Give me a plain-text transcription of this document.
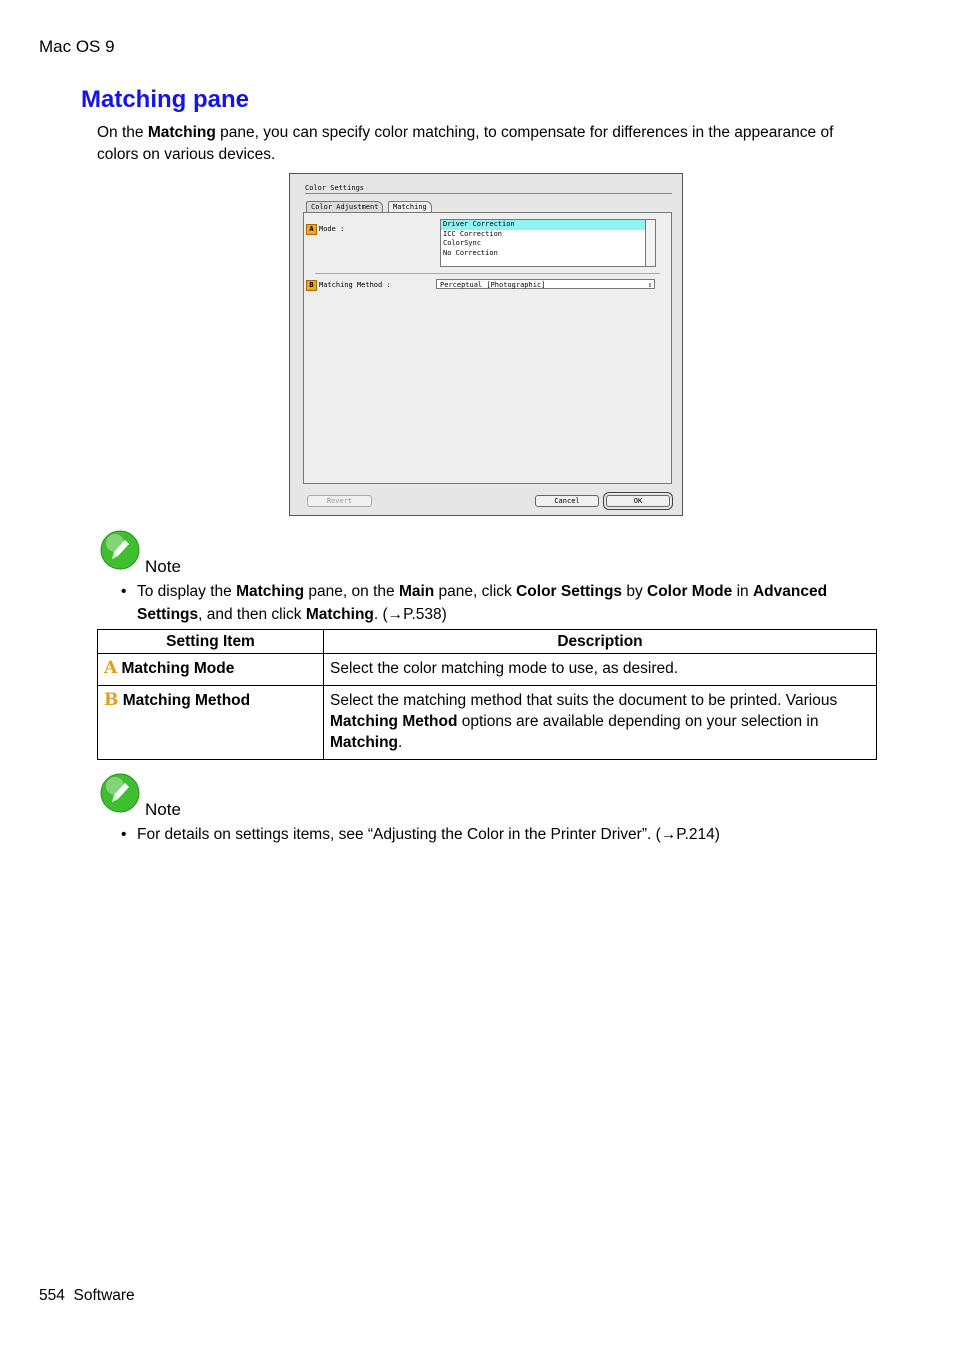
Mac OS 9
Matching pane
On the Matching pane, you can specify color matching, to compensate for differences in the appearance of colors on various devices.
Color Settings
Color Adjustment	Matching
A Mode :
Driver Correction
ICC Correction
ColorSync
No Correction
B Matching Method :	Perceptual [Photographic]	⇕
Revert	Cancel	OK
Note
• To display the Matching pane, on the Main pane, click Color Settings by Color Mode in Advanced
Settings, and then click Matching. (→P.538)
Setting Item	Description
A Matching Mode	Select the color matching mode to use, as desired.
B Matching Method	Select the matching method that suits the document to be printed. Various Matching Method options are available depending on your selection in Matching.
Note
• For details on settings items, see “Adjusting the Color in the Printer Driver”. (→P.214)
554 Software
